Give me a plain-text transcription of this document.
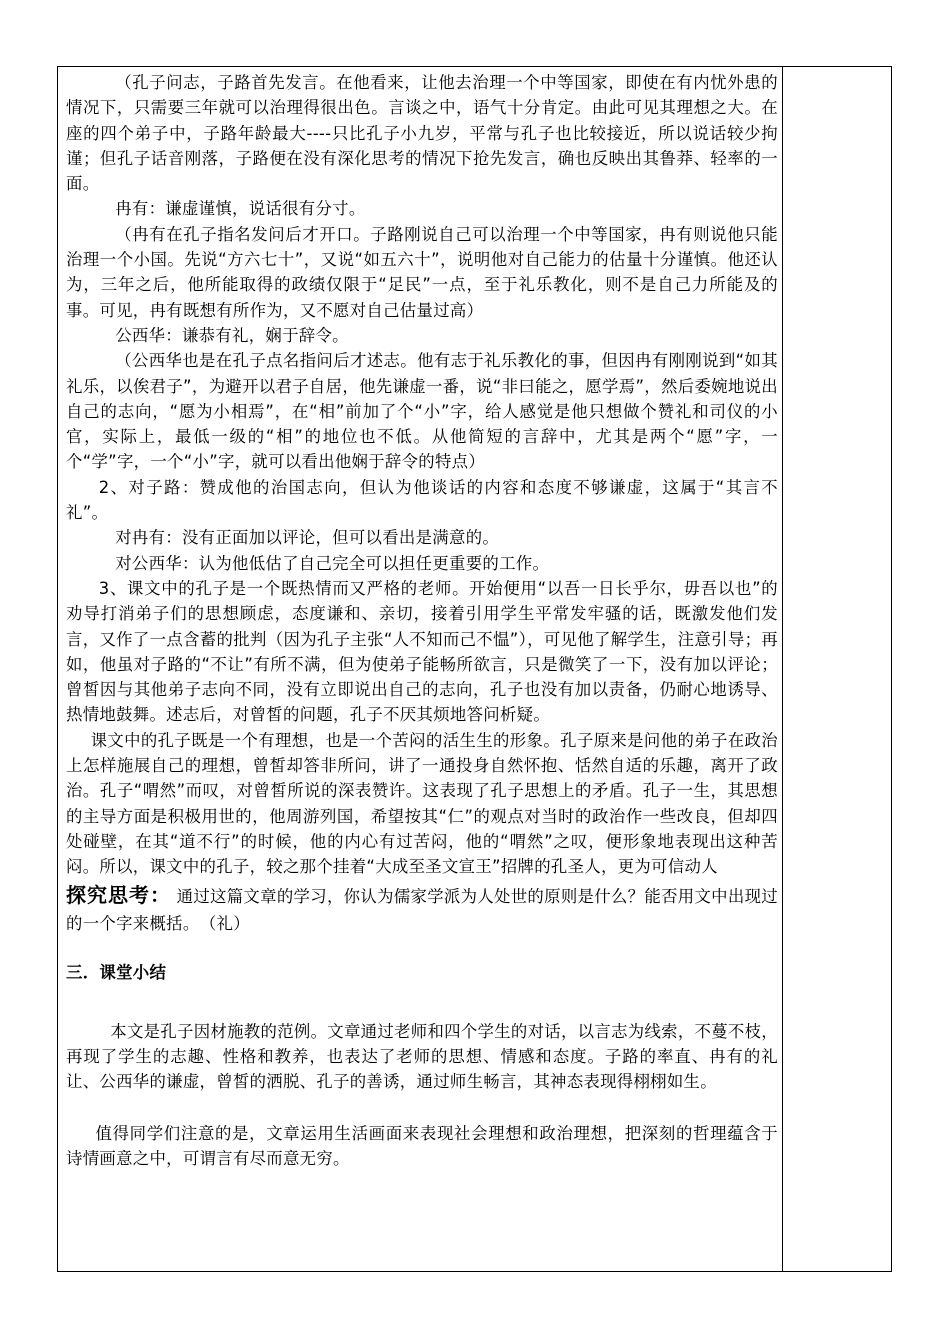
（孔子问志，子路首先发言。在他看来，让他去治理一个中等国家，即使在有内忧外患的情况下，只需要三年就可以治理得很出色。言谈之中，语气十分肯定。由此可见其理想之大。在座的四个弟子中，子路年龄最大----只比孔子小九岁，平常与孔子也比较接近，所以说话较少拘谨；但孔子话音刚落，子路便在没有深化思考的情况下抢先发言，确也反映出其鲁莽、轻率的一面。

冉有：谦虚谨慎，说话很有分寸。

（冉有在孔子指名发问后才开口。子路刚说自己可以治理一个中等国家，冉有则说他只能治理一个小国。先说“方六七十”，又说“如五六十”，说明他对自己能力的估量十分谨慎。他还认为，三年之后，他所能取得的政绩仅限于“足民”一点，至于礼乐教化，则不是自己力所能及的事。可见，冉有既想有所作为，又不愿对自己估量过高）

公西华：谦恭有礼，娴于辞令。

（公西华也是在孔子点名指问后才述志。他有志于礼乐教化的事，但因冉有刚刚说到“如其礼乐，以俟君子”，为避开以君子自居，他先谦虚一番，说“非曰能之，愿学焉”，然后委婉地说出自己的志向，“愿为小相焉”，在“相”前加了个“小”字，给人感觉是他只想做个赞礼和司仪的小官，实际上，最低一级的“相”的地位也不低。从他简短的言辞中，尤其是两个“愿”字，一个“学”字，一个“小”字，就可以看出他娴于辞令的特点）

2、对子路：赞成他的治国志向，但认为他谈话的内容和态度不够谦虚，这属于“其言不礼”。

对冉有：没有正面加以评论，但可以看出是满意的。

对公西华：认为他低估了自己完全可以担任更重要的工作。

3、课文中的孔子是一个既热情而又严格的老师。开始便用“以吾一日长乎尔，毋吾以也”的劝导打消弟子们的思想顾虑，态度谦和、亲切，接着引用学生平常发牢骚的话，既激发他们发言，又作了一点含蓄的批判（因为孔子主张“人不知而己不愠”），可见他了解学生，注意引导；再如，他虽对子路的“不让”有所不满，但为使弟子能畅所欲言，只是微笑了一下，没有加以评论；曾皙因与其他弟子志向不同，没有立即说出自己的志向，孔子也没有加以责备，仍耐心地诱导、热情地鼓舞。述志后，对曾皙的问题，孔子不厌其烦地答问析疑。

课文中的孔子既是一个有理想，也是一个苦闷的活生生的形象。孔子原来是问他的弟子在政治上怎样施展自己的理想，曾皙却答非所问，讲了一通投身自然怀抱、恬然自适的乐趣，离开了政治。孔子“喟然”而叹，对曾皙所说的深表赞许。这表现了孔子思想上的矛盾。孔子一生，其思想的主导方面是积极用世的，他周游列国，希望按其“仁”的观点对当时的政治作一些改良，但却四处碰壁，在其“道不行”的时候，他的内心有过苦闷，他的“喟然”之叹，便形象地表现出这种苦闷。所以，课文中的孔子，较之那个挂着“大成至圣文宣王”招牌的孔圣人，更为可信动人

探究思考： 通过这篇文章的学习，你认为儒家学派为人处世的原则是什么？能否用文中出现过的一个字来概括。　（礼）

三．课堂小结

本文是孔子因材施教的范例。文章通过老师和四个学生的对话，以言志为线索，不蔓不枝，再现了学生的志趣、性格和教养，也表达了老师的思想、情感和态度。子路的率直、冉有的礼让、公西华的谦虚，曾皙的洒脱、孔子的善诱，通过师生畅言，其神态表现得栩栩如生。

值得同学们注意的是，文章运用生活画面来表现社会理想和政治理想，把深刻的哲理蕴含于诗情画意之中，可谓言有尽而意无穷。
